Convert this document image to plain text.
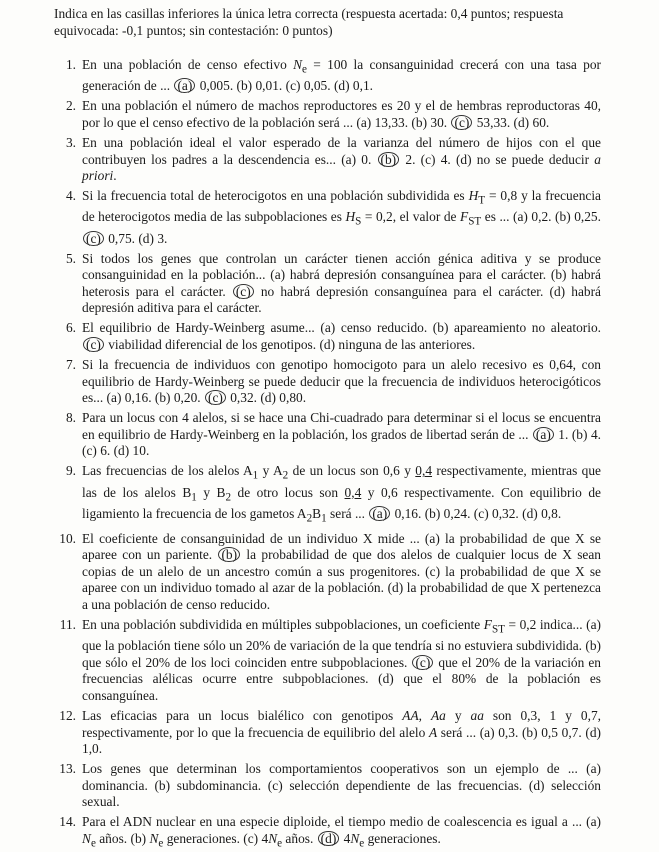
Indica en las casillas inferiores la única letra correcta (respuesta acertada: 0,4 puntos; respuesta equivocada: -0,1 puntos; sin contestación: 0 puntos)

1. En una población de censo efectivo $N_e = 100$ la consanguinidad crecerá con una tasa por generación de ... (a) 0,005. (b) 0,01. (c) 0,05. (d) 0,1.
2. En una población el número de machos reproductores es 20 y el de hembras reproductoras 40, por lo que el censo efectivo de la población será ... (a) 13,33. (b) 30. (c) 53,33. (d) 60.
3. En una población ideal el valor esperado de la varianza del número de hijos con el que contribuyen los padres a la descendencia es... (a) 0. (b) 2. (c) 4. (d) no se puede deducir a priori.
4. Si la frecuencia total de heterocigotos en una población subdividida es $H_T = 0,8$ y la frecuencia de heterocigotos media de las subpoblaciones es $H_S = 0,2$, el valor de $F_{ST}$ es ... (a) 0,2. (b) 0,25. (c) 0,75. (d) 3.
5. Si todos los genes que controlan un carácter tienen acción génica aditiva y se produce consanguinidad en la población... (a) habrá depresión consanguínea para el carácter. (b) habrá heterosis para el carácter. (c) no habrá depresión consanguínea para el carácter. (d) habrá depresión aditiva para el carácter.
6. El equilibrio de Hardy-Weinberg asume... (a) censo reducido. (b) apareamiento no aleatorio. (c) viabilidad diferencial de los genotipos. (d) ninguna de las anteriores.
7. Si la frecuencia de individuos con genotipo homocigoto para un alelo recesivo es 0,64, con equilibrio de Hardy-Weinberg se puede deducir que la frecuencia de individuos heterocigóticos es... (a) 0,16. (b) 0,20. (c) 0,32. (d) 0,80.
8. Para un locus con 4 alelos, si se hace una Chi-cuadrado para determinar si el locus se encuentra en equilibrio de Hardy-Weinberg en la población, los grados de libertad serán de ... (a) 1. (b) 4. (c) 6. (d) 10.
9. Las frecuencias de los alelos $A_1$ y $A_2$ de un locus son 0,6 y 0,4 respectivamente, mientras que las de los alelos $B_1$ y $B_2$ de otro locus son 0,4 y 0,6 respectivamente. Con equilibrio de ligamiento la frecuencia de los gametos $A_2B_1$ será ... (a) 0,16. (b) 0,24. (c) 0,32. (d) 0,8.
10. El coeficiente de consanguinidad de un individuo X mide ... (a) la probabilidad de que X se aparee con un pariente. (b) la probabilidad de que dos alelos de cualquier locus de X sean copias de un alelo de un ancestro común a sus progenitores. (c) la probabilidad de que X se aparee con un individuo tomado al azar de la población. (d) la probabilidad de que X pertenezca a una población de censo reducido.
11. En una población subdividida en múltiples subpoblaciones, un coeficiente $F_{ST} = 0,2$ indica... (a) que la población tiene sólo un 20% de variación de la que tendría si no estuviera subdividida. (b) que sólo el 20% de los loci coinciden entre subpoblaciones. (c) que el 20% de la variación en frecuencias alélicas ocurre entre subpoblaciones. (d) que el 80% de la población es consanguínea.
12. Las eficacias para un locus bialélico con genotipos AA, Aa y aa son 0,3, 1 y 0,7, respectivamente, por lo que la frecuencia de equilibrio del alelo A será ... (a) 0,3. (b) 0,5 0,7. (d) 1,0.
13. Los genes que determinan los comportamientos cooperativos son un ejemplo de ... (a) dominancia. (b) subdominancia. (c) selección dependiente de las frecuencias. (d) selección sexual.
14. Para el ADN nuclear en una especie diploide, el tiempo medio de coalescencia es igual a ... (a) $N_e$ años. (b) $N_e$ generaciones. (c) $4N_e$ años. (d) $4N_e$ generaciones.
